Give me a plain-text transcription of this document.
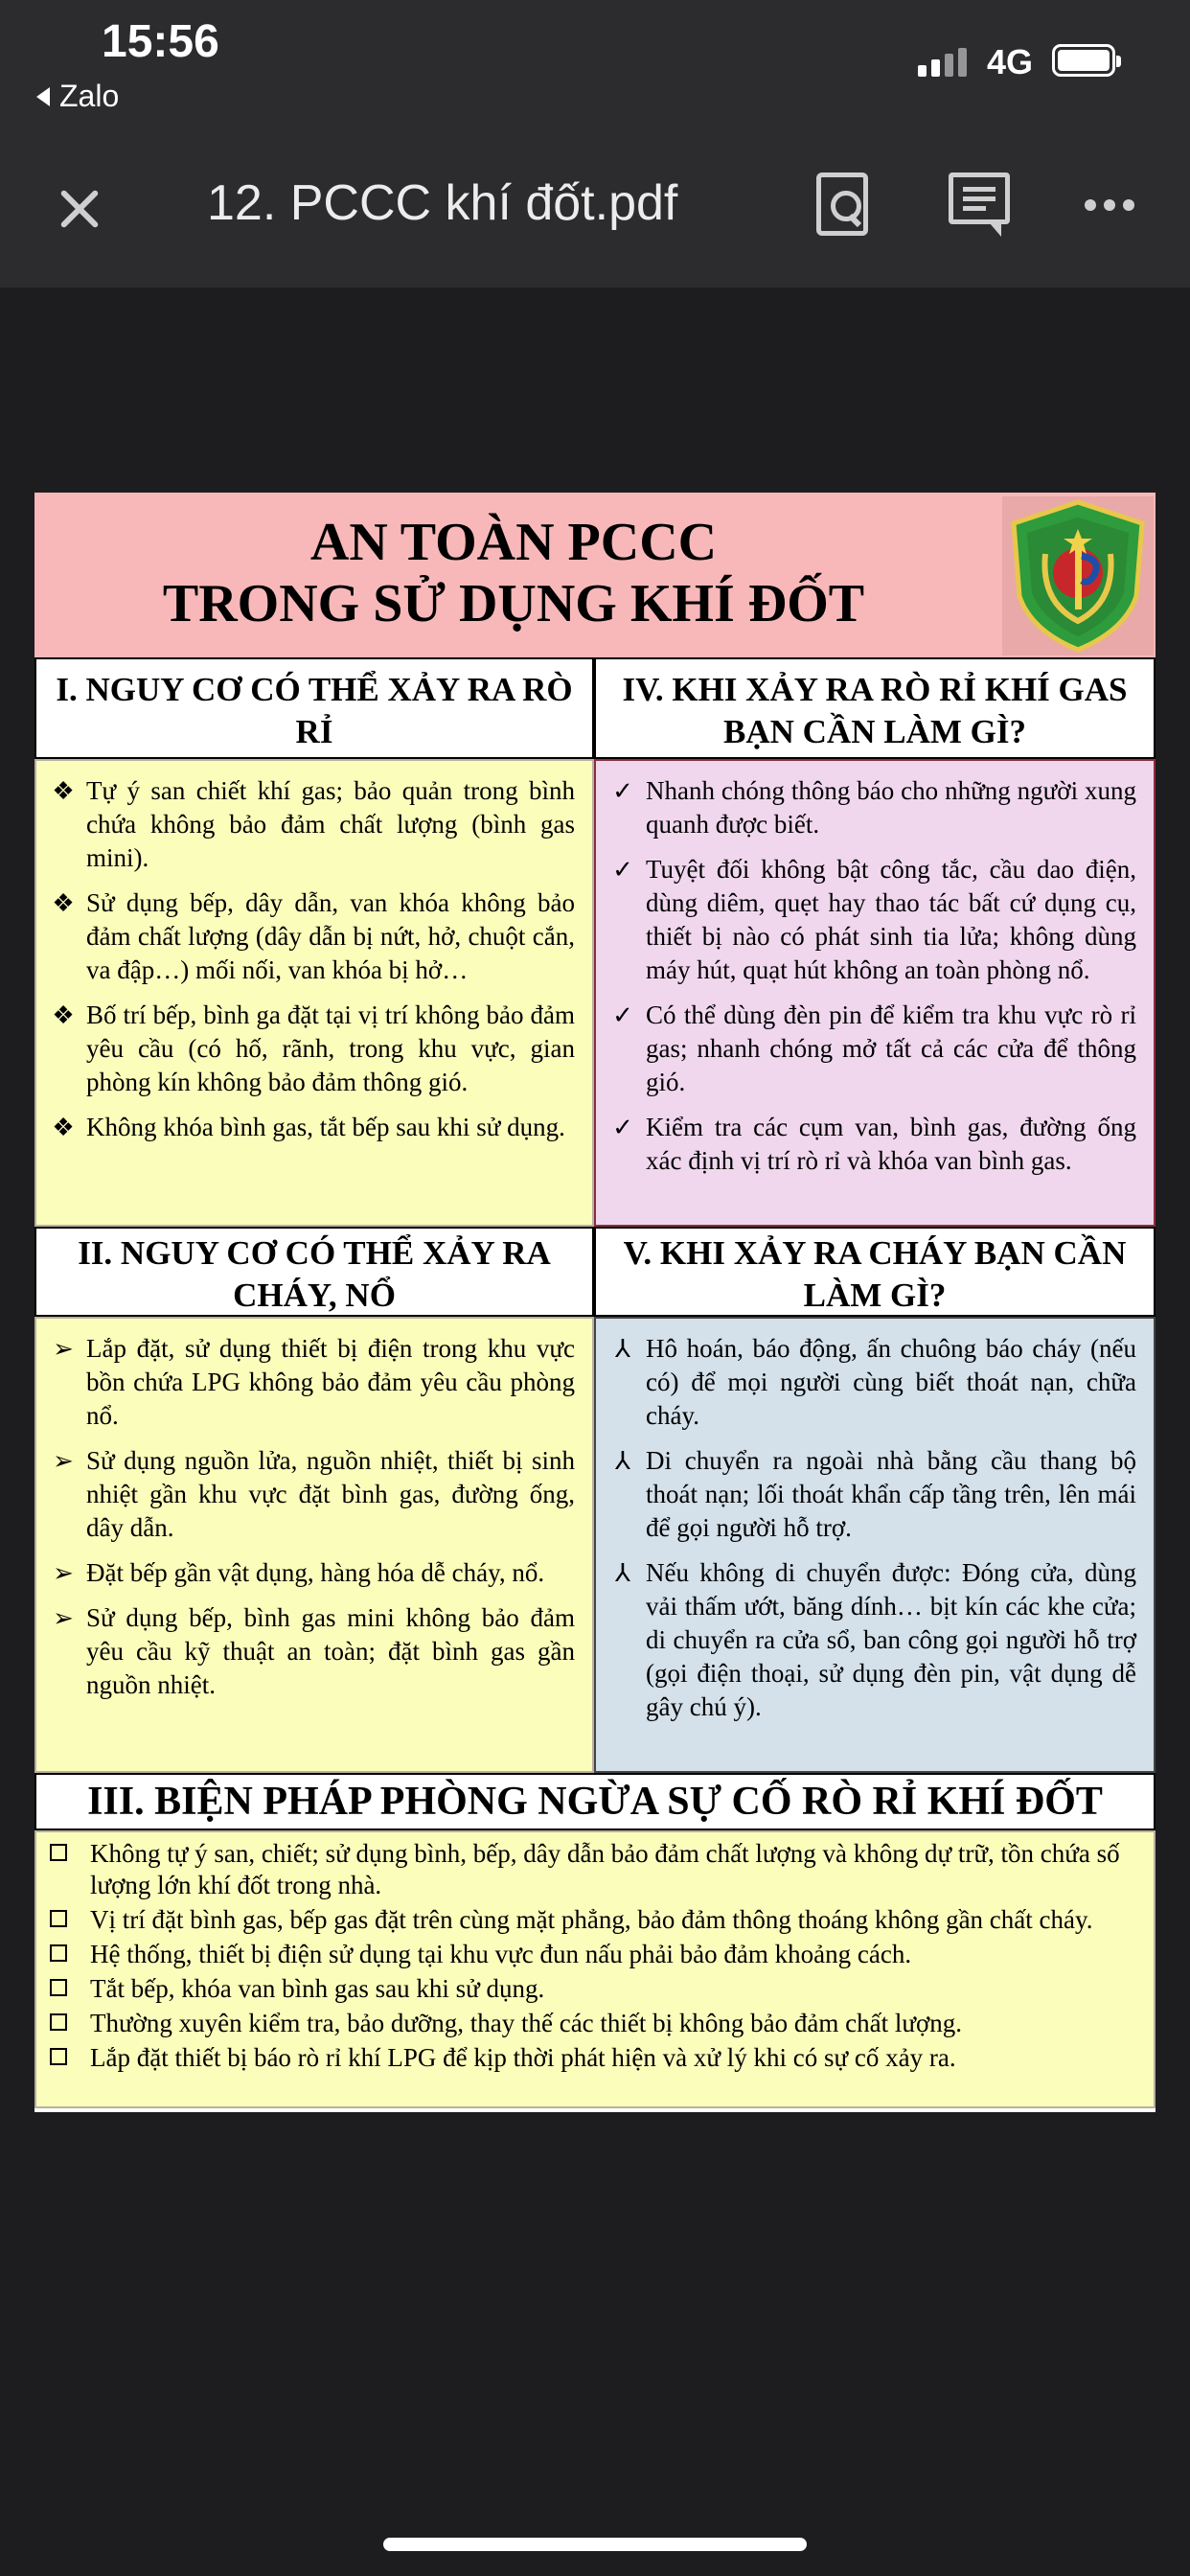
15:56
Zalo
4G
12. PCCC khí đốt.pdf
AN TOÀN PCCC
TRONG SỬ DỤNG KHÍ ĐỐT
I. NGUY CƠ CÓ THỂ XẢY RA RÒ RỈ
❖ Tự ý san chiết khí gas; bảo quản trong bình chứa không bảo đảm chất lượng (bình gas mini).
❖ Sử dụng bếp, dây dẫn, van khóa không bảo đảm chất lượng (dây dẫn bị nứt, hở, chuột cắn, va đập…) mối nối, van khóa bị hở…
❖ Bố trí bếp, bình ga đặt tại vị trí không bảo đảm yêu cầu (có hố, rãnh, trong khu vực, gian phòng kín không bảo đảm thông gió.
❖ Không khóa bình gas, tắt bếp sau khi sử dụng.
IV. KHI XẢY RA RÒ RỈ KHÍ GAS BẠN CẦN LÀM GÌ?
✓ Nhanh chóng thông báo cho những người xung quanh được biết.
✓ Tuyệt đối không bật công tắc, cầu dao điện, dùng diêm, quẹt hay thao tác bất cứ dụng cụ, thiết bị nào có phát sinh tia lửa; không dùng máy hút, quạt hút không an toàn phòng nổ.
✓ Có thể dùng đèn pin để kiểm tra khu vực rò rỉ gas; nhanh chóng mở tất cả các cửa để thông gió.
✓ Kiểm tra các cụm van, bình gas, đường ống xác định vị trí rò rỉ và khóa van bình gas.
II. NGUY CƠ CÓ THỂ XẢY RA CHÁY, NỔ
➢ Lắp đặt, sử dụng thiết bị điện trong khu vực bồn chứa LPG không bảo đảm yêu cầu phòng nổ.
➢ Sử dụng nguồn lửa, nguồn nhiệt, thiết bị sinh nhiệt gần khu vực đặt bình gas, đường ống, dây dẫn.
➢ Đặt bếp gần vật dụng, hàng hóa dễ cháy, nổ.
➢ Sử dụng bếp, bình gas mini không bảo đảm yêu cầu kỹ thuật an toàn; đặt bình gas gần nguồn nhiệt.
V. KHI XẢY RA CHÁY BẠN CẦN LÀM GÌ?
⅄ Hô hoán, báo động, ấn chuông báo cháy (nếu có) để mọi người cùng biết thoát nạn, chữa cháy.
⅄ Di chuyển ra ngoài nhà bằng cầu thang bộ thoát nạn; lối thoát khẩn cấp tầng trên, lên mái để gọi người hỗ trợ.
⅄ Nếu không di chuyển được: Đóng cửa, dùng vải thấm ướt, băng dính… bịt kín các khe cửa; di chuyển ra cửa sổ, ban công gọi người hỗ trợ (gọi điện thoại, sử dụng đèn pin, vật dụng dễ gây chú ý).
III. BIỆN PHÁP PHÒNG NGỪA SỰ CỐ RÒ RỈ KHÍ ĐỐT
Không tự ý san, chiết; sử dụng bình, bếp, dây dẫn bảo đảm chất lượng và không dự trữ, tồn chứa số lượng lớn khí đốt trong nhà.
Vị trí đặt bình gas, bếp gas đặt trên cùng mặt phẳng, bảo đảm thông thoáng không gần chất cháy.
Hệ thống, thiết bị điện sử dụng tại khu vực đun nấu phải bảo đảm khoảng cách.
Tắt bếp, khóa van bình gas sau khi sử dụng.
Thường xuyên kiểm tra, bảo dưỡng, thay thế các thiết bị không bảo đảm chất lượng.
Lắp đặt thiết bị báo rò rỉ khí LPG để kịp thời phát hiện và xử lý khi có sự cố xảy ra.
